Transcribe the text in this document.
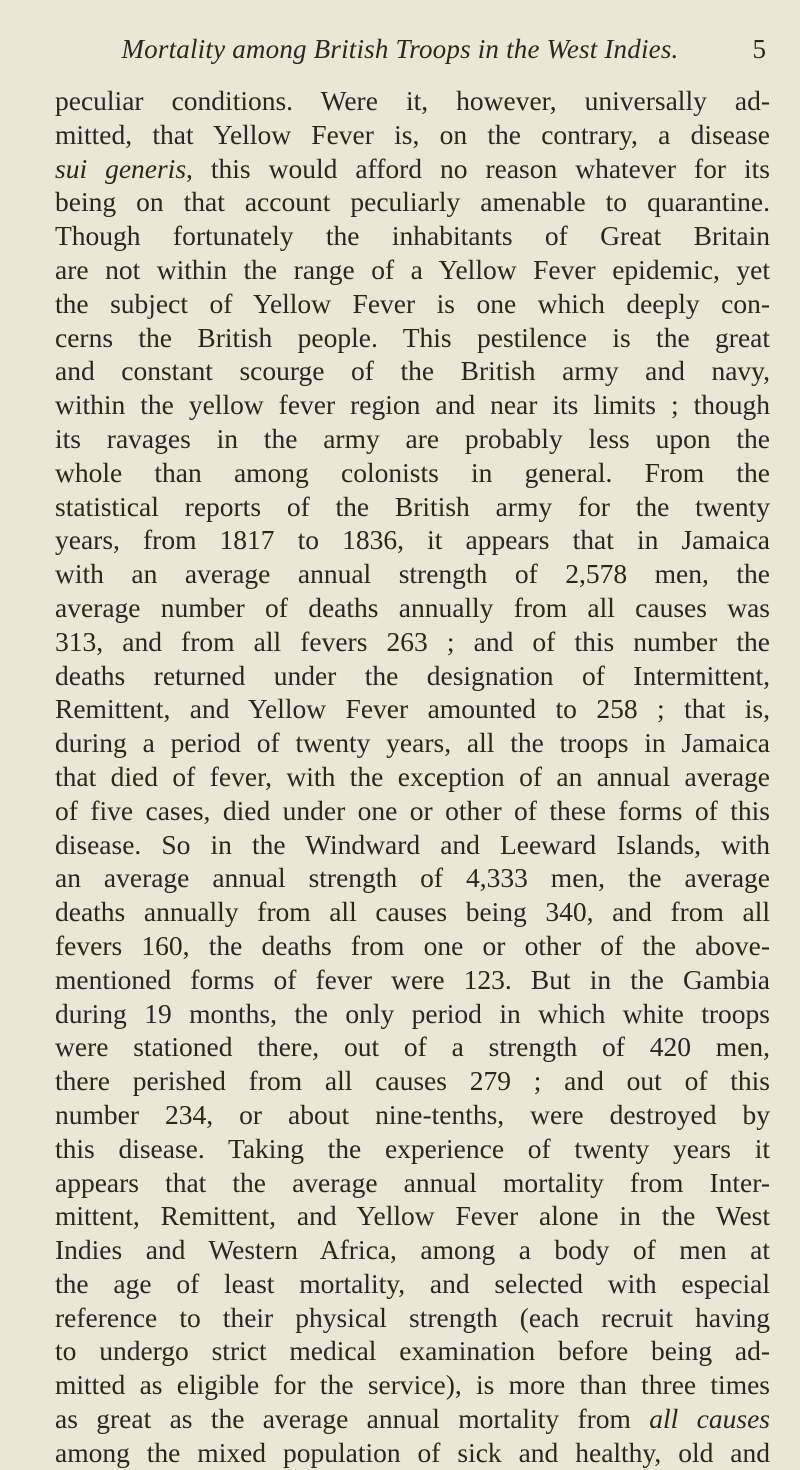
Mortality among British Troops in the West Indies.	5
peculiar conditions. Were it, however, universally ad-
mitted, that Yellow Fever is, on the contrary, a disease
sui generis, this would afford no reason whatever for its
being on that account peculiarly amenable to quarantine.
Though fortunately the inhabitants of Great Britain
are not within the range of a Yellow Fever epidemic, yet
the subject of Yellow Fever is one which deeply con-
cerns the British people. This pestilence is the great
and constant scourge of the British army and navy,
within the yellow fever region and near its limits ; though
its ravages in the army are probably less upon the
whole than among colonists in general. From the
statistical reports of the British army for the twenty
years, from 1817 to 1836, it appears that in Jamaica
with an average annual strength of 2,578 men, the
average number of deaths annually from all causes was
313, and from all fevers 263 ; and of this number the
deaths returned under the designation of Intermittent,
Remittent, and Yellow Fever amounted to 258 ; that is,
during a period of twenty years, all the troops in Jamaica
that died of fever, with the exception of an annual average
of five cases, died under one or other of these forms of this
disease. So in the Windward and Leeward Islands, with
an average annual strength of 4,333 men, the average
deaths annually from all causes being 340, and from all
fevers 160, the deaths from one or other of the above-
mentioned forms of fever were 123. But in the Gambia
during 19 months, the only period in which white troops
were stationed there, out of a strength of 420 men,
there perished from all causes 279 ; and out of this
number 234, or about nine-tenths, were destroyed by
this disease. Taking the experience of twenty years it
appears that the average annual mortality from Inter-
mittent, Remittent, and Yellow Fever alone in the West
Indies and Western Africa, among a body of men at
the age of least mortality, and selected with especial
reference to their physical strength (each recruit having
to undergo strict medical examination before being ad-
mitted as eligible for the service), is more than three times
as great as the average annual mortality from all causes
among the mixed population of sick and healthy, old and
